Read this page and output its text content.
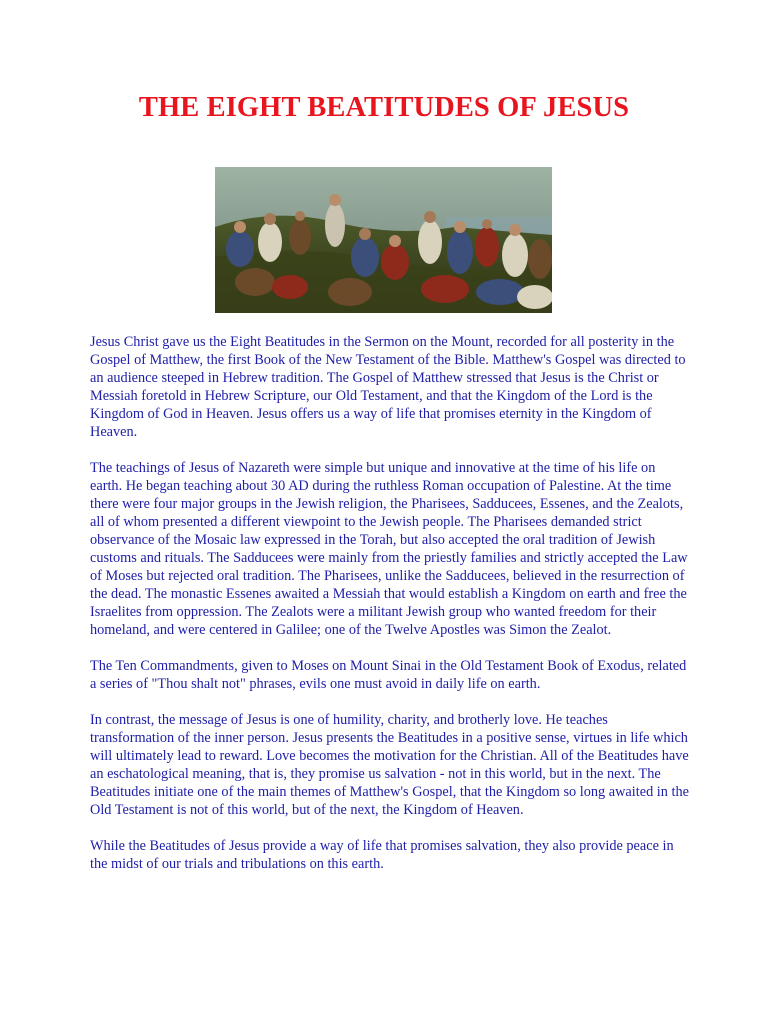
THE EIGHT BEATITUDES OF JESUS

Jesus Christ gave us the Eight Beatitudes in the Sermon on the Mount, recorded for all posterity in the Gospel of Matthew, the first Book of the New Testament of the Bible. Matthew's Gospel was directed to an audience steeped in Hebrew tradition. The Gospel of Matthew stressed that Jesus is the Christ or Messiah foretold in Hebrew Scripture, our Old Testament, and that the Kingdom of the Lord is the Kingdom of God in Heaven. Jesus offers us a way of life that promises eternity in the Kingdom of Heaven.

The teachings of Jesus of Nazareth were simple but unique and innovative at the time of his life on earth. He began teaching about 30 AD during the ruthless Roman occupation of Palestine. At the time there were four major groups in the Jewish religion, the Pharisees, Sadducees, Essenes, and the Zealots, all of whom presented a different viewpoint to the Jewish people. The Pharisees demanded strict observance of the Mosaic law expressed in the Torah, but also accepted the oral tradition of Jewish customs and rituals. The Sadducees were mainly from the priestly families and strictly accepted the Law of Moses but rejected oral tradition. The Pharisees, unlike the Sadducees, believed in the resurrection of the dead. The monastic Essenes awaited a Messiah that would establish a Kingdom on earth and free the Israelites from oppression. The Zealots were a militant Jewish group who wanted freedom for their homeland, and were centered in Galilee; one of the Twelve Apostles was Simon the Zealot.

The Ten Commandments, given to Moses on Mount Sinai in the Old Testament Book of Exodus, related a series of "Thou shalt not" phrases, evils one must avoid in daily life on earth.

In contrast, the message of Jesus is one of humility, charity, and brotherly love. He teaches transformation of the inner person. Jesus presents the Beatitudes in a positive sense, virtues in life which will ultimately lead to reward. Love becomes the motivation for the Christian. All of the Beatitudes have an eschatological meaning, that is, they promise us salvation - not in this world, but in the next. The Beatitudes initiate one of the main themes of Matthew's Gospel, that the Kingdom so long awaited in the Old Testament is not of this world, but of the next, the Kingdom of Heaven.

While the Beatitudes of Jesus provide a way of life that promises salvation, they also provide peace in the midst of our trials and tribulations on this earth.
